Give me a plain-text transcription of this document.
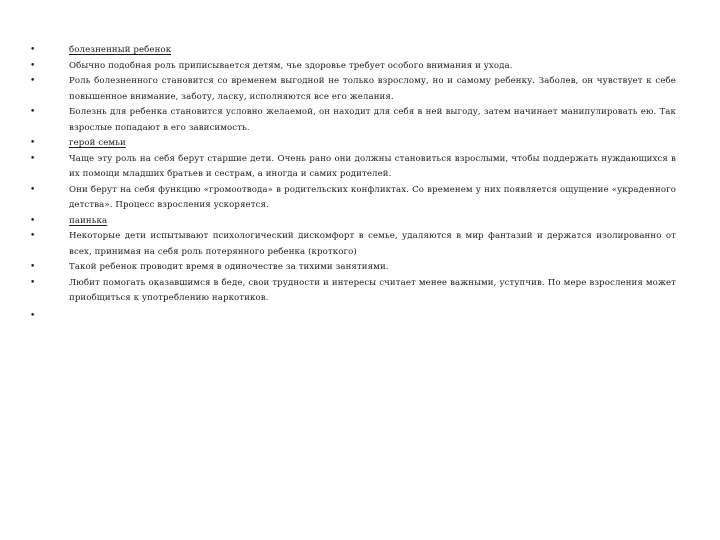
•	болезненный ребенок
•	Обычно подобная роль приписывается детям, чье здоровье требует особого внимания и ухода.
•	Роль болезненного становится со временем выгодной не только взрослому, но и самому ребенку. Заболев, он чувствует к себе повышенное внимание, заботу, ласку, исполняются все его желания.
•	Болезнь для ребенка становится условно желаемой, он находит для себя в ней выгоду, затем начинает манипулировать ею. Так взрослые попадают в его зависимость.
•	герой семьи
•	Чаще эту роль на себя берут старшие дети. Очень рано они должны становиться взрослыми, чтобы поддержать нуждающихся в их помощи младших братьев и сестрам, а иногда и самих родителей.
•	Они берут на себя функцию «громоотвода» в родительских конфликтах. Со временем у них появляется ощущение «украденного детства». Процесс взросления ускоряется.
•	паинька
•	Некоторые дети испытывают психологический дискомфорт в семье, удаляются в мир фантазий и держатся изолированно от всех, принимая на себя роль потерянного ребенка (кроткого)
•	Такой ребенок проводит время в одиночестве за тихими занятиями.
•	Любит помогать оказавшимся в беде, свои трудности и интересы считает менее важными, уступчив. По мере взросления может приобщиться к употреблению наркотиков.
•
